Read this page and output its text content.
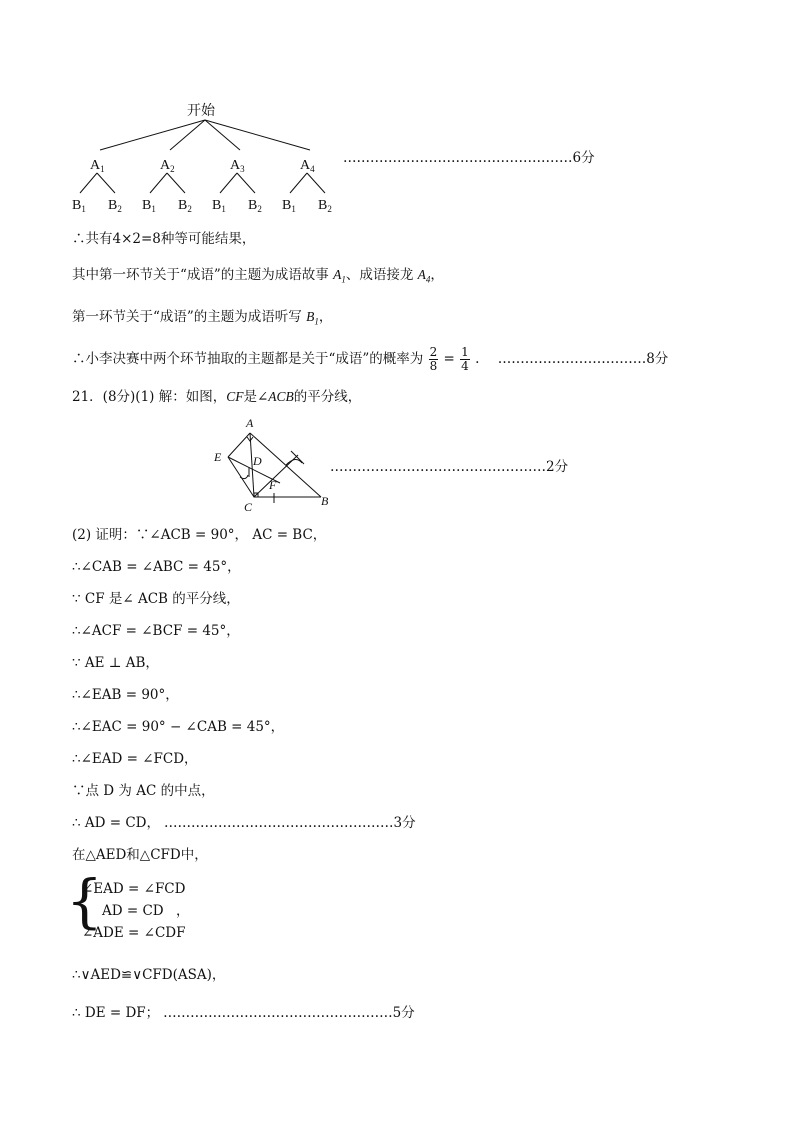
开始
$A_1$	$A_2$	$A_3$	$A_4$
$B_1$ $B_2$ $B_1$ $B_2$ $B_1$ $B_2$ $B_1$ $B_2$
……………………………………………6分
∴共有4×2=8种等可能结果，
其中第一环节关于“成语”的主题为成语故事 $A_1$、成语接龙 $A_4$，
第一环节关于“成语”的主题为成语听写 $B_1$，
∴小李决赛中两个环节抽取的主题都是关于“成语”的概率为 $\frac{2}{8} = \frac{1}{4}$ . ……………………………8分
21．(8分)(1) 解：如图，CF是∠ACB的平分线，
A
E	D
F
C	B
…………………………………………2分
(2) 证明：∵∠ACB = 90°， AC = BC，
∴∠CAB = ∠ABC = 45°，
∵ CF 是∠ ACB 的平分线，
∴∠ACF = ∠BCF = 45°，
∵ AE ⊥ AB，
∴∠EAB = 90°，
∴∠EAC = 90° − ∠CAB = 45°，
∴∠EAD = ∠FCD，
∵点 D 为 AC 的中点，
∴ AD = CD， ……………………………………………3分
在△AED和△CFD中，
{
∠EAD = ∠FCD
AD = CD ，
∠ADE = ∠CDF
∴∨AED≌∨CFD(ASA)，
∴ DE = DF； ……………………………………………5分
